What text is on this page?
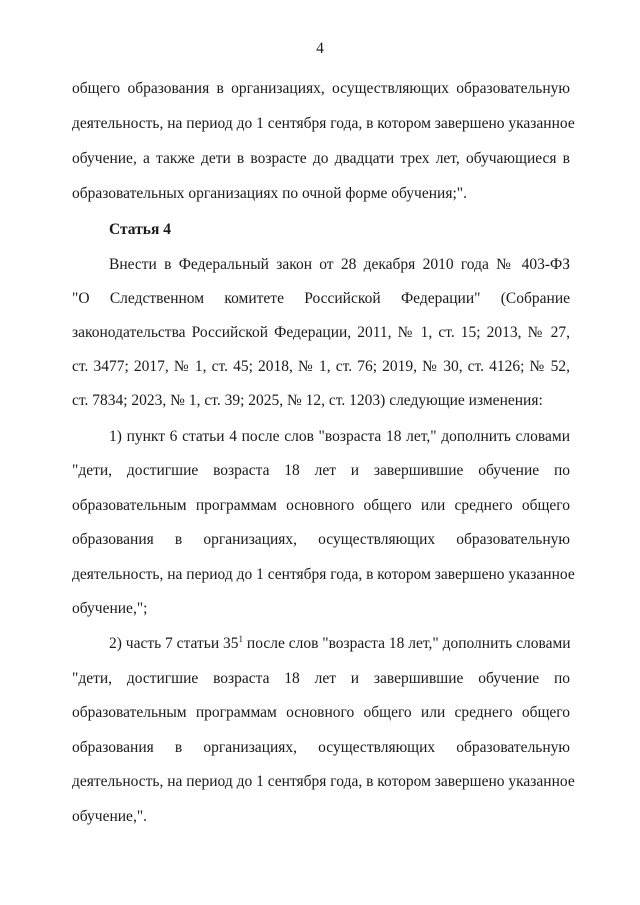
4
общего образования в организациях, осуществляющих образовательную
деятельность, на период до 1 сентября года, в котором завершено указанное
обучение, а также дети в возрасте до двадцати трех лет, обучающиеся в
образовательных организациях по очной форме обучения;".
Статья 4
Внести в Федеральный закон от 28 декабря 2010 года № 403-ФЗ
"О Следственном комитете Российской Федерации" (Собрание
законодательства Российской Федерации, 2011, № 1, ст. 15; 2013, № 27,
ст. 3477; 2017, № 1, ст. 45; 2018, № 1, ст. 76; 2019, № 30, ст. 4126; № 52,
ст. 7834; 2023, № 1, ст. 39; 2025, № 12, ст. 1203) следующие изменения:
1) пункт 6 статьи 4 после слов "возраста 18 лет," дополнить словами
"дети, достигшие возраста 18 лет и завершившие обучение по
образовательным программам основного общего или среднего общего
образования в организациях, осуществляющих образовательную
деятельность, на период до 1 сентября года, в котором завершено указанное
обучение,";
2) часть 7 статьи $35^1$ после слов "возраста 18 лет," дополнить словами
"дети, достигшие возраста 18 лет и завершившие обучение по
образовательным программам основного общего или среднего общего
образования в организациях, осуществляющих образовательную
деятельность, на период до 1 сентября года, в котором завершено указанное
обучение,".
